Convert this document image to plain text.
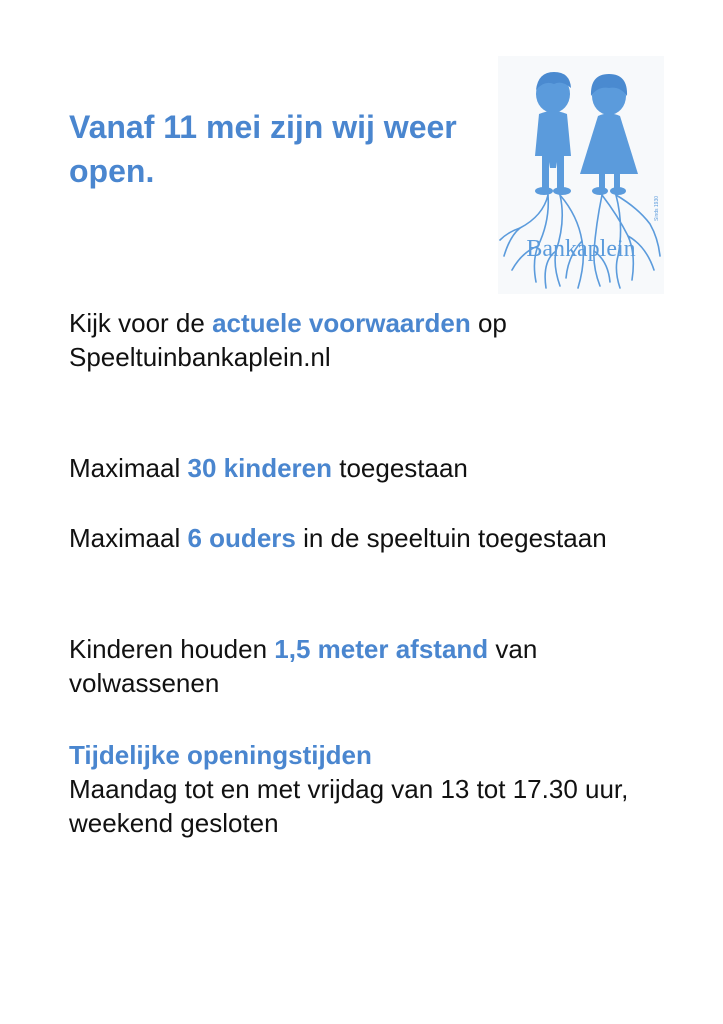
Vanaf 11 mei zijn wij weer open.
Bankaplein
Sinds 1930

Kijk voor de actuele voorwaarden op
Speeltuinbankaplein.nl

Maximaal 30 kinderen toegestaan

Maximaal 6 ouders in de speeltuin toegestaan

Kinderen houden 1,5 meter afstand van volwassenen

Tijdelijke openingstijden
Maandag tot en met vrijdag van 13 tot 17.30 uur, weekend gesloten
